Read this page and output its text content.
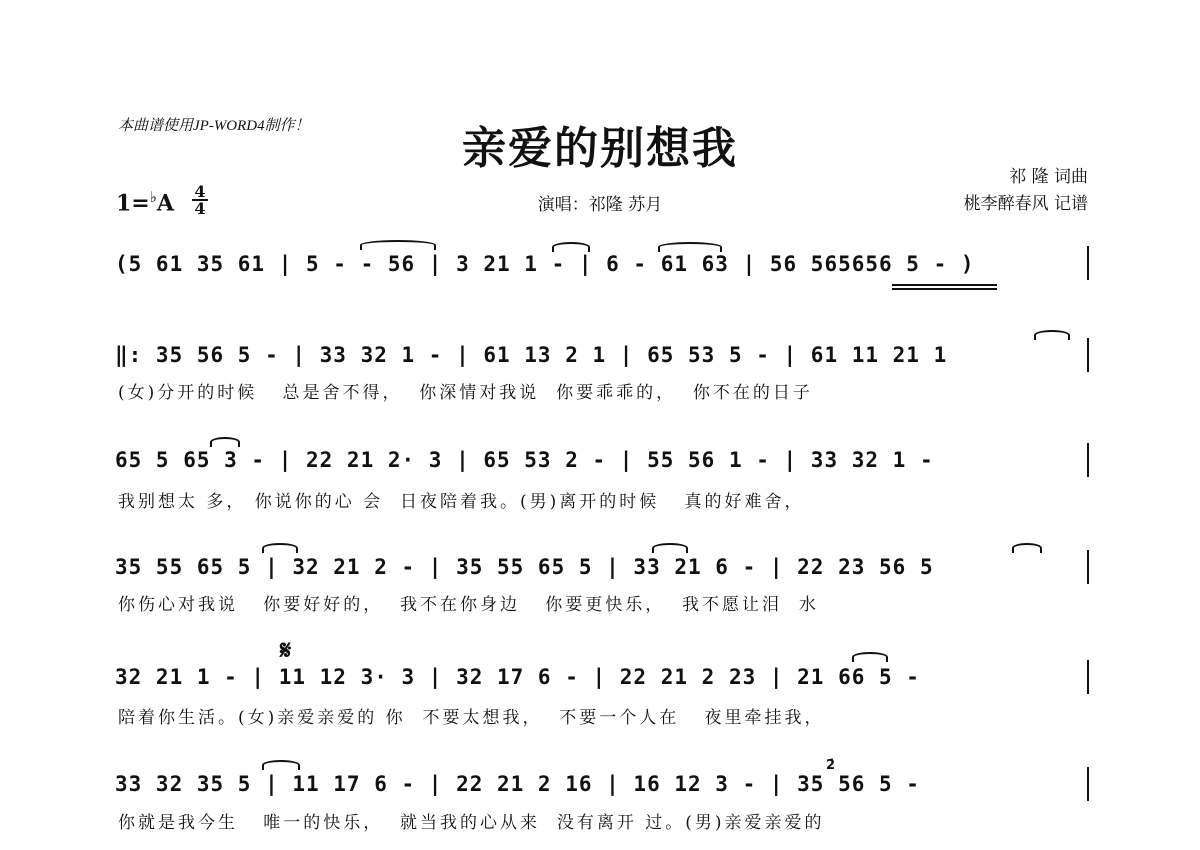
本曲谱使用JP-WORD4制作！	亲爱的别想我
演唱：祁隆 苏月
祁 隆 词曲
桃李醉春风 记谱
1=♭A 4
4
(5 61 35 61 | 5 - - 56 | 3 21 1 - | 6 - 61 63 | 56 565656 5 - )
‖: 35 56 5 - | 33 32 1 - | 61 13 2 1 | 65 53 5 - | 61 11 21 1
(女)分开的时候   总是舍不得，  你深情对我说  你要乖乖的，  你不在的日子
65 5 65 3 - | 22 21 2· 3 | 65 53 2 - | 55 56 1 - | 33 32 1 -
我别想太 多， 你说你的心 会  日夜陪着我。(男)离开的时候   真的好难舍，
35 55 65 5 | 32 21 2 - | 35 55 65 5 | 33 21 6 - | 22 23 56 5
你伤心对我说   你要好好的，  我不在你身边   你要更快乐，  我不愿让泪  水
𝄋
32 21 1 - | 11 12 3· 3 | 32 17 6 - | 22 21 2 23 | 21 66 5 -
陪着你生活。(女)亲爱亲爱的 你  不要太想我，  不要一个人在   夜里牵挂我，
2̇
33 32 35 5 | 11 17 6 - | 22 21 2 16 | 16 12 3 - | 35 56 5 -
你就是我今生   唯一的快乐，  就当我的心从来  没有离开 过。(男)亲爱亲爱的
